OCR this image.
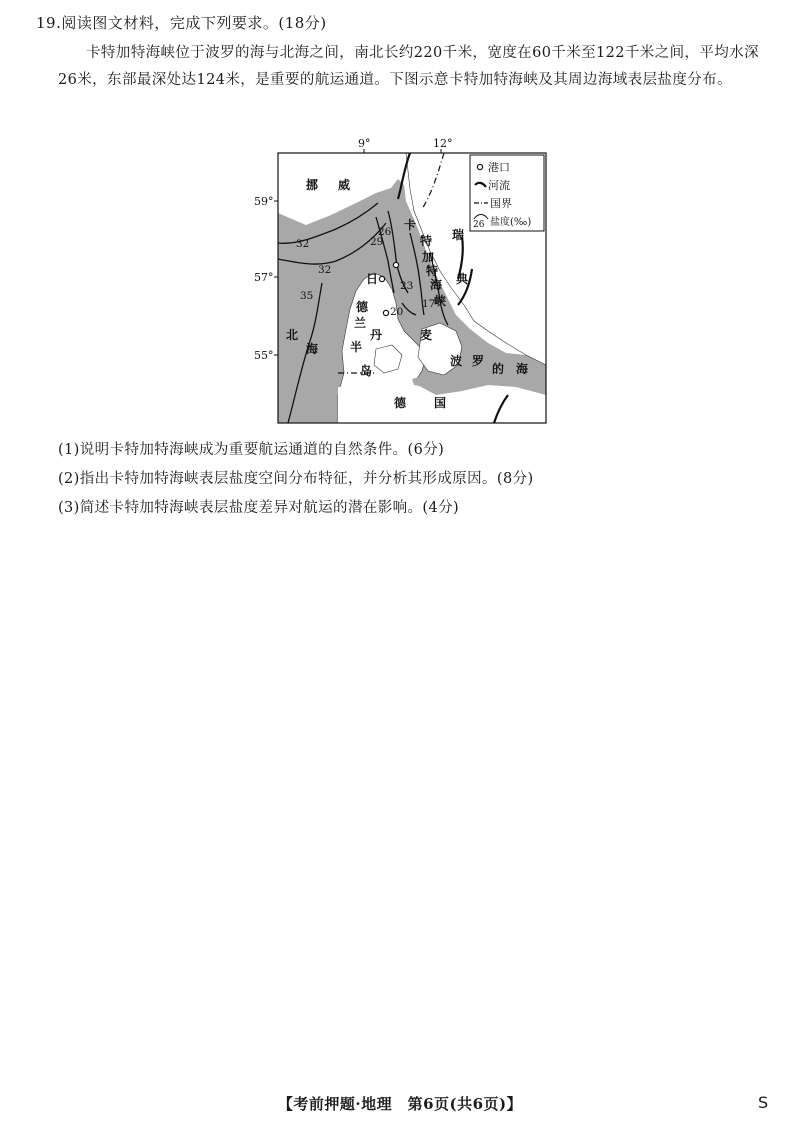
19.阅读图文材料，完成下列要求。(18分)
卡特加特海峡位于波罗的海与北海之间，南北长约220千米，宽度在60千米至122千米之间，平均水深26米，东部最深处达124米，是重要的航运通道。下图示意卡特加特海峡及其周边海域表层盐度分布。
9°	12°
59°
57°
55°
挪 威
瑞
典
卡
特
加
特
海
峡
北
海
日
德
兰
半
岛
丹	麦
德 国
波 罗
的 海
32
32
35
26
29
23
20
17
港口
河流
国界
26 盐度(‰)
(1)说明卡特加特海峡成为重要航运通道的自然条件。(6分)
(2)指出卡特加特海峡表层盐度空间分布特征，并分析其形成原因。(8分)
(3)简述卡特加特海峡表层盐度差异对航运的潜在影响。(4分)
【考前押题·地理　第6页(共6页)】	S
